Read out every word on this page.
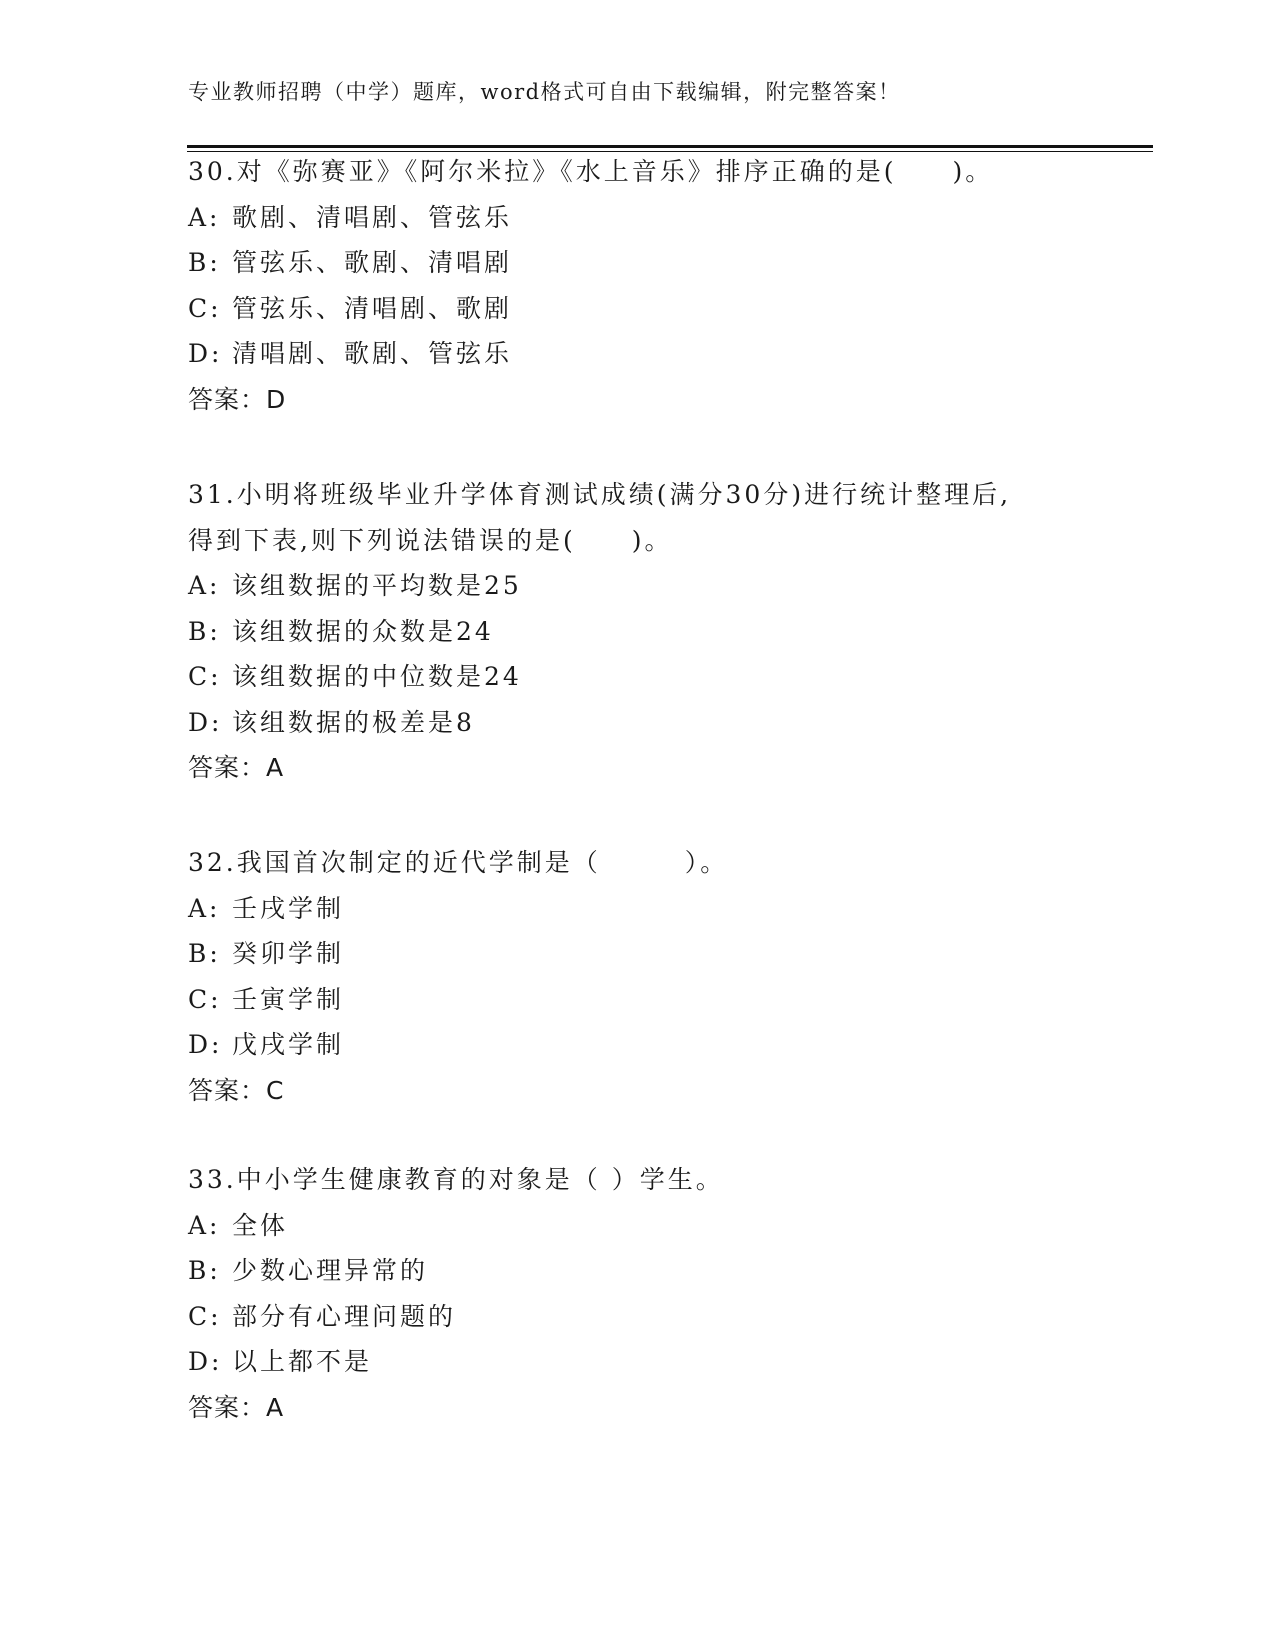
专业教师招聘（中学）题库，word格式可自由下载编辑，附完整答案！
30.对《弥赛亚》《阿尔米拉》《水上音乐》排序正确的是(　　)。
A: 歌剧、清唱剧、管弦乐
B: 管弦乐、歌剧、清唱剧
C: 管弦乐、清唱剧、歌剧
D: 清唱剧、歌剧、管弦乐
答案：D
31.小明将班级毕业升学体育测试成绩(满分30分)进行统计整理后,
得到下表,则下列说法错误的是(　　)。
A: 该组数据的平均数是25
B: 该组数据的众数是24
C: 该组数据的中位数是24
D: 该组数据的极差是8
答案：A
32.我国首次制定的近代学制是（　　　）。
A: 壬戌学制
B: 癸卯学制
C: 壬寅学制
D: 戊戌学制
答案：C
33.中小学生健康教育的对象是（ ）学生。
A: 全体
B: 少数心理异常的
C: 部分有心理问题的
D: 以上都不是
答案：A
